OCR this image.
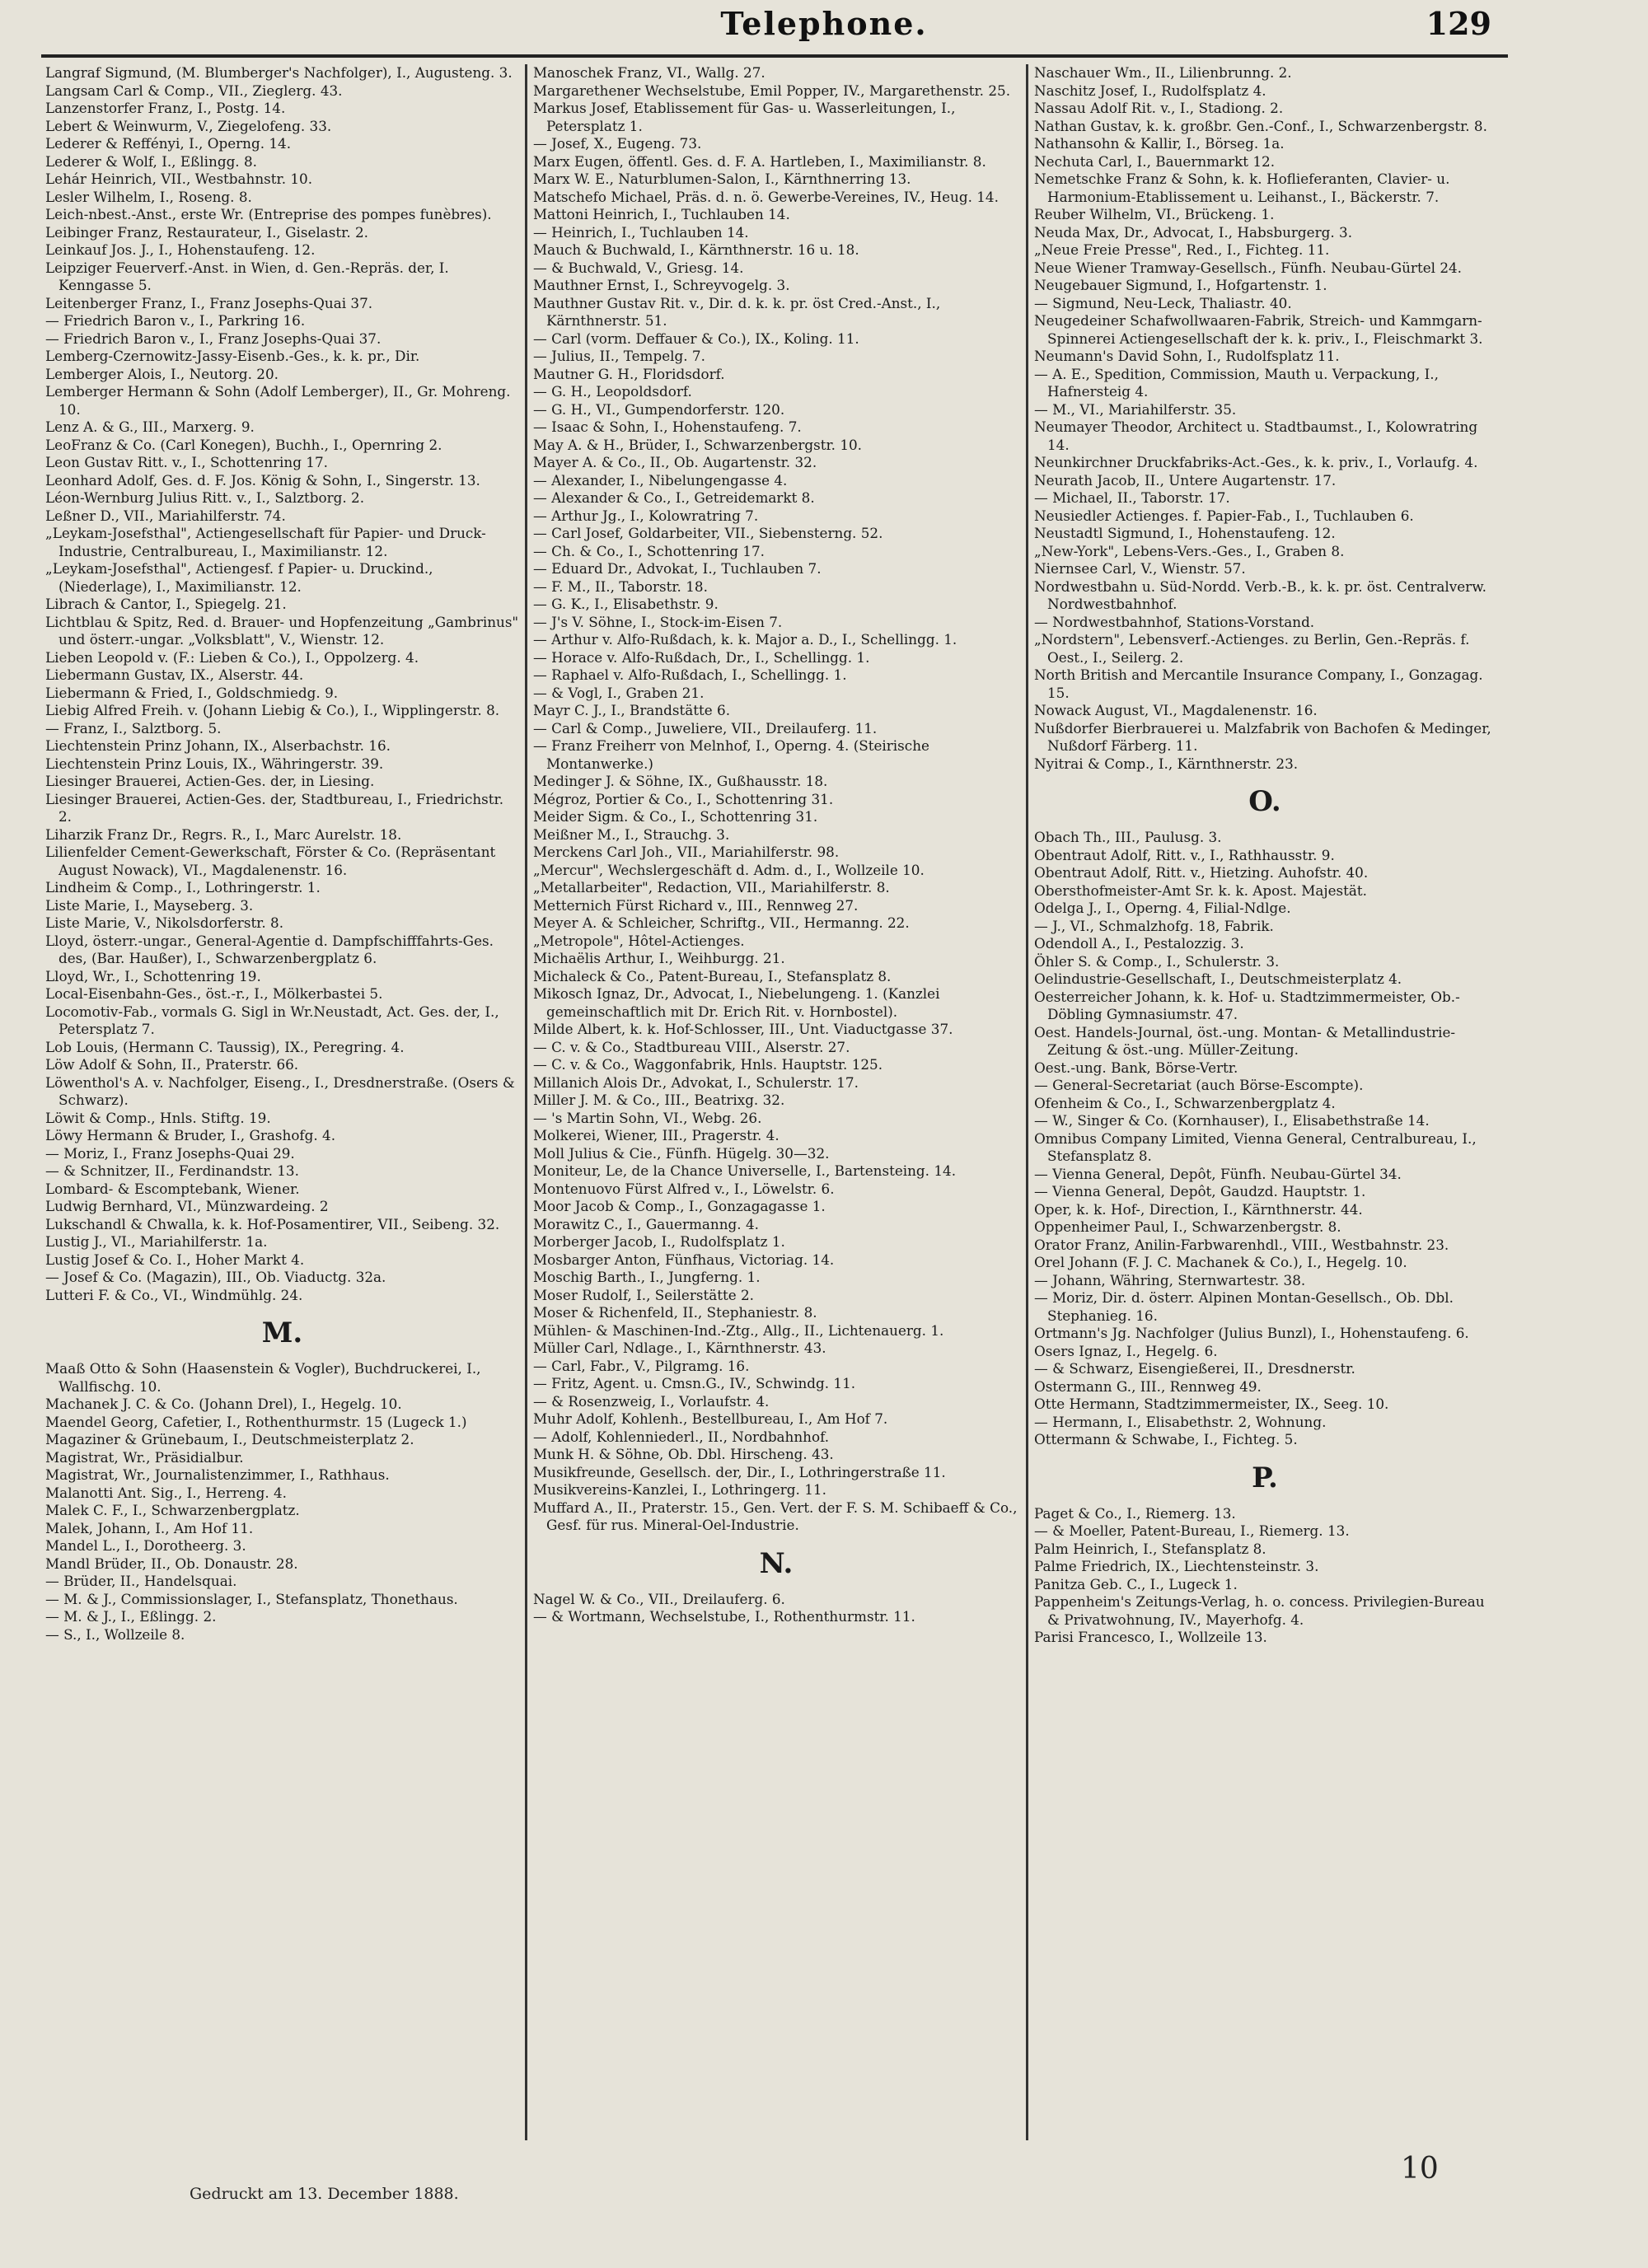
Telephone.	129

Langraf Sigmund, (M. Blumberger's Nachfolger), I., Augusteng. 3.

Langsam Carl & Comp., VII., Zieglerg. 43.

Lanzenstorfer Franz, I., Postg. 14.

Lebert & Weinwurm, V., Ziegelofeng. 33.

Lederer & Reffényi, I., Operng. 14.

Lederer & Wolf, I., Eßlingg. 8.

Lehár Heinrich, VII., Westbahnstr. 10.

Lesler Wilhelm, I., Roseng. 8.

Leich-nbest.-Anst., erste Wr. (Entreprise des pompes funèbres).

Leibinger Franz, Restaurateur, I., Giselastr. 2.

Leinkauf Jos. J., I., Hohenstaufeng. 12.

Leipziger Feuerverf.-Anst. in Wien, d. Gen.-Repräs. der, I. Kenngasse 5.

Leitenberger Franz, I., Franz Josephs-Quai 37.

— Friedrich Baron v., I., Parkring 16.

— Friedrich Baron v., I., Franz Josephs-Quai 37.

Lemberg-Czernowitz-Jassy-Eisenb.-Ges., k. k. pr., Dir.

Lemberger Alois, I., Neutorg. 20.

Lemberger Hermann & Sohn (Adolf Lemberger), II., Gr. Mohreng. 10.

Lenz A. & G., III., Marxerg. 9.

LeoFranz & Co. (Carl Konegen), Buchh., I., Opernring 2.

Leon Gustav Ritt. v., I., Schottenring 17.

Leonhard Adolf, Ges. d. F. Jos. König & Sohn, I., Singerstr. 13.

Léon-Wernburg Julius Ritt. v., I., Salztborg. 2.

Leßner D., VII., Mariahilferstr. 74.

„Leykam-Josefsthal", Actiengesellschaft für Papier- und Druck-Industrie, Centralbureau, I., Maximilianstr. 12.

„Leykam-Josefsthal", Actiengesf. f Papier- u. Druckind., (Niederlage), I., Maximilianstr. 12.

Librach & Cantor, I., Spiegelg. 21.

Lichtblau & Spitz, Red. d. Brauer- und Hopfenzeitung „Gambrinus" und österr.-ungar. „Volksblatt", V., Wienstr. 12.

Lieben Leopold v. (F.: Lieben & Co.), I., Oppolzerg. 4.

Liebermann Gustav, IX., Alserstr. 44.

Liebermann & Fried, I., Goldschmiedg. 9.

Liebig Alfred Freih. v. (Johann Liebig & Co.), I., Wipplingerstr. 8.

— Franz, I., Salztborg. 5.

Liechtenstein Prinz Johann, IX., Alserbachstr. 16.

Liechtenstein Prinz Louis, IX., Währingerstr. 39.

Liesinger Brauerei, Actien-Ges. der, in Liesing.

Liesinger Brauerei, Actien-Ges. der, Stadtbureau, I., Friedrichstr. 2.

Liharzik Franz Dr., Regrs. R., I., Marc Aurelstr. 18.

Lilienfelder Cement-Gewerkschaft, Förster & Co. (Repräsentant August Nowack), VI., Magdalenenstr. 16.

Lindheim & Comp., I., Lothringerstr. 1.

Liste Marie, I., Mayseberg. 3.

Liste Marie, V., Nikolsdorferstr. 8.

Lloyd, österr.-ungar., General-Agentie d. Dampfschifffahrts-Ges. des, (Bar. Haußer), I., Schwarzenbergplatz 6.

Lloyd, Wr., I., Schottenring 19.

Local-Eisenbahn-Ges., öst.-r., I., Mölkerbastei 5.

Locomotiv-Fab., vormals G. Sigl in Wr.Neustadt, Act. Ges. der, I., Petersplatz 7.

Lob Louis, (Hermann C. Taussig), IX., Peregring. 4.

Löw Adolf & Sohn, II., Praterstr. 66.

Löwenthol's A. v. Nachfolger, Eiseng., I., Dresdnerstraße. (Osers & Schwarz).

Löwit & Comp., Hnls. Stiftg. 19.

Löwy Hermann & Bruder, I., Grashofg. 4.

— Moriz, I., Franz Josephs-Quai 29.

— & Schnitzer, II., Ferdinandstr. 13.

Lombard- & Escomptebank, Wiener.

Ludwig Bernhard, VI., Münzwardeing. 2

Lukschandl & Chwalla, k. k. Hof-Posamentirer, VII., Seibeng. 32.

Lustig J., VI., Mariahilferstr. 1a.

Lustig Josef & Co. I., Hoher Markt 4.

— Josef & Co. (Magazin), III., Ob. Viaductg. 32a.

Lutteri F. & Co., VI., Windmühlg. 24.

M.

Maaß Otto & Sohn (Haasenstein & Vogler), Buchdruckerei, I., Wallfischg. 10.

Machanek J. C. & Co. (Johann Drel), I., Hegelg. 10.

Maendel Georg, Cafetier, I., Rothenthurmstr. 15 (Lugeck 1.)

Magaziner & Grünebaum, I., Deutschmeisterplatz 2.

Magistrat, Wr., Präsidialbur.

Magistrat, Wr., Journalistenzimmer, I., Rathhaus.

Malanotti Ant. Sig., I., Herreng. 4.

Malek C. F., I., Schwarzenbergplatz.

Malek, Johann, I., Am Hof 11.

Mandel L., I., Dorotheerg. 3.

Mandl Brüder, II., Ob. Donaustr. 28.

— Brüder, II., Handelsquai.

— M. & J., Commissionslager, I., Stefansplatz, Thonethaus.

— M. & J., I., Eßlingg. 2.

— S., I., Wollzeile 8.

Manoschek Franz, VI., Wallg. 27.

Margarethener Wechselstube, Emil Popper, IV., Margarethenstr. 25.

Markus Josef, Etablissement für Gas- u. Wasserleitungen, I., Petersplatz 1.

— Josef, X., Eugeng. 73.

Marx Eugen, öffentl. Ges. d. F. A. Hartleben, I., Maximilianstr. 8.

Marx W. E., Naturblumen-Salon, I., Kärnthnerring 13.

Matschefo Michael, Präs. d. n. ö. Gewerbe-Vereines, IV., Heug. 14.

Mattoni Heinrich, I., Tuchlauben 14.

— Heinrich, I., Tuchlauben 14.

Mauch & Buchwald, I., Kärnthnerstr. 16 u. 18.

— & Buchwald, V., Griesg. 14.

Mauthner Ernst, I., Schreyvogelg. 3.

Mauthner Gustav Rit. v., Dir. d. k. k. pr. öst Cred.-Anst., I., Kärnthnerstr. 51.

— Carl (vorm. Deffauer & Co.), IX., Koling. 11.

— Julius, II., Tempelg. 7.

Mautner G. H., Floridsdorf.

— G. H., Leopoldsdorf.

— G. H., VI., Gumpendorferstr. 120.

— Isaac & Sohn, I., Hohenstaufeng. 7.

May A. & H., Brüder, I., Schwarzenbergstr. 10.

Mayer A. & Co., II., Ob. Augartenstr. 32.

— Alexander, I., Nibelungengasse 4.

— Alexander & Co., I., Getreidemarkt 8.

— Arthur Jg., I., Kolowratring 7.

— Carl Josef, Goldarbeiter, VII., Siebensterng. 52.

— Ch. & Co., I., Schottenring 17.

— Eduard Dr., Advokat, I., Tuchlauben 7.

— F. M., II., Taborstr. 18.

— G. K., I., Elisabethstr. 9.

— J's V. Söhne, I., Stock-im-Eisen 7.

— Arthur v. Alfo-Rußdach, k. k. Major a. D., I., Schellingg. 1.

— Horace v. Alfo-Rußdach, Dr., I., Schellingg. 1.

— Raphael v. Alfo-Rußdach, I., Schellingg. 1.

— & Vogl, I., Graben 21.

Mayr C. J., I., Brandstätte 6.

— Carl & Comp., Juweliere, VII., Dreilauferg. 11.

— Franz Freiherr von Melnhof, I., Operng. 4. (Steirische Montanwerke.)

Medinger J. & Söhne, IX., Gußhausstr. 18.

Mégroz, Portier & Co., I., Schottenring 31.

Meider Sigm. & Co., I., Schottenring 31.

Meißner M., I., Strauchg. 3.

Merckens Carl Joh., VII., Mariahilferstr. 98.

„Mercur", Wechslergeschäft d. Adm. d., I., Wollzeile 10.

„Metallarbeiter", Redaction, VII., Mariahilferstr. 8.

Metternich Fürst Richard v., III., Rennweg 27.

Meyer A. & Schleicher, Schriftg., VII., Hermanng. 22.

„Metropole", Hôtel-Actienges.

Michaëlis Arthur, I., Weihburgg. 21.

Michaleck & Co., Patent-Bureau, I., Stefansplatz 8.

Mikosch Ignaz, Dr., Advocat, I., Niebelungeng. 1. (Kanzlei gemeinschaftlich mit Dr. Erich Rit. v. Hornbostel).

Milde Albert, k. k. Hof-Schlosser, III., Unt. Viaductgasse 37.

— C. v. & Co., Stadtbureau VIII., Alserstr. 27.

— C. v. & Co., Waggonfabrik, Hnls. Hauptstr. 125.

Millanich Alois Dr., Advokat, I., Schulerstr. 17.

Miller J. M. & Co., III., Beatrixg. 32.

— 's Martin Sohn, VI., Webg. 26.

Molkerei, Wiener, III., Pragerstr. 4.

Moll Julius & Cie., Fünfh. Hügelg. 30—32.

Moniteur, Le, de la Chance Universelle, I., Bartensteing. 14.

Montenuovo Fürst Alfred v., I., Löwelstr. 6.

Moor Jacob & Comp., I., Gonzagagasse 1.

Morawitz C., I., Gauermanng. 4.

Morberger Jacob, I., Rudolfsplatz 1.

Mosbarger Anton, Fünfhaus, Victoriag. 14.

Moschig Barth., I., Jungferng. 1.

Moser Rudolf, I., Seilerstätte 2.

Moser & Richenfeld, II., Stephaniestr. 8.

Mühlen- & Maschinen-Ind.-Ztg., Allg., II., Lichtenauerg. 1.

Müller Carl, Ndlage., I., Kärnthnerstr. 43.

— Carl, Fabr., V., Pilgramg. 16.

— Fritz, Agent. u. Cmsn.G., IV., Schwindg. 11.

— & Rosenzweig, I., Vorlaufstr. 4.

Muhr Adolf, Kohlenh., Bestellbureau, I., Am Hof 7.

— Adolf, Kohlenniederl., II., Nordbahnhof.

Munk H. & Söhne, Ob. Dbl. Hirscheng. 43.

Musikfreunde, Gesellsch. der, Dir., I., Lothringerstraße 11.

Musikvereins-Kanzlei, I., Lothringerg. 11.

Muffard A., II., Praterstr. 15., Gen. Vert. der F. S. M. Schibaeff & Co., Gesf. für rus. Mineral-Oel-Industrie.

N.

Nagel W. & Co., VII., Dreilauferg. 6.

— & Wortmann, Wechselstube, I., Rothenthurmstr. 11.

Naschauer Wm., II., Lilienbrunng. 2.

Naschitz Josef, I., Rudolfsplatz 4.

Nassau Adolf Rit. v., I., Stadiong. 2.

Nathan Gustav, k. k. großbr. Gen.-Conf., I., Schwarzenbergstr. 8.

Nathansohn & Kallir, I., Börseg. 1a.

Nechuta Carl, I., Bauernmarkt 12.

Nemetschke Franz & Sohn, k. k. Hoflieferanten, Clavier- u. Harmonium-Etablissement u. Leihanst., I., Bäckerstr. 7.

Reuber Wilhelm, VI., Brückeng. 1.

Neuda Max, Dr., Advocat, I., Habsburgerg. 3.

„Neue Freie Presse", Red., I., Fichteg. 11.

Neue Wiener Tramway-Gesellsch., Fünfh. Neubau-Gürtel 24.

Neugebauer Sigmund, I., Hofgartenstr. 1.

— Sigmund, Neu-Leck, Thaliastr. 40.

Neugedeiner Schafwollwaaren-Fabrik, Streich- und Kammgarn-Spinnerei Actiengesellschaft der k. k. priv., I., Fleischmarkt 3.

Neumann's David Sohn, I., Rudolfsplatz 11.

— A. E., Spedition, Commission, Mauth u. Verpackung, I., Hafnersteig 4.

— M., VI., Mariahilferstr. 35.

Neumayer Theodor, Architect u. Stadtbaumst., I., Kolowratring 14.

Neunkirchner Druckfabriks-Act.-Ges., k. k. priv., I., Vorlaufg. 4.

Neurath Jacob, II., Untere Augartenstr. 17.

— Michael, II., Taborstr. 17.

Neusiedler Actienges. f. Papier-Fab., I., Tuchlauben 6.

Neustadtl Sigmund, I., Hohenstaufeng. 12.

„New-York", Lebens-Vers.-Ges., I., Graben 8.

Niernsee Carl, V., Wienstr. 57.

Nordwestbahn u. Süd-Nordd. Verb.-B., k. k. pr. öst. Centralverw. Nordwestbahnhof.

— Nordwestbahnhof, Stations-Vorstand.

„Nordstern", Lebensverf.-Actienges. zu Berlin, Gen.-Repräs. f. Oest., I., Seilerg. 2.

North British and Mercantile Insurance Company, I., Gonzagag. 15.

Nowack August, VI., Magdalenenstr. 16.

Nußdorfer Bierbrauerei u. Malzfabrik von Bachofen & Medinger, Nußdorf Färberg. 11.

Nyitrai & Comp., I., Kärnthnerstr. 23.

O.

Obach Th., III., Paulusg. 3.

Obentraut Adolf, Ritt. v., I., Rathhausstr. 9.

Obentraut Adolf, Ritt. v., Hietzing. Auhofstr. 40.

Obersthofmeister-Amt Sr. k. k. Apost. Majestät.

Odelga J., I., Operng. 4, Filial-Ndlge.

— J., VI., Schmalzhofg. 18, Fabrik.

Odendoll A., I., Pestalozzig. 3.

Öhler S. & Comp., I., Schulerstr. 3.

Oelindustrie-Gesellschaft, I., Deutschmeisterplatz 4.

Oesterreicher Johann, k. k. Hof- u. Stadtzimmermeister, Ob.-Döbling Gymnasiumstr. 47.

Oest. Handels-Journal, öst.-ung. Montan- & Metallindustrie-Zeitung & öst.-ung. Müller-Zeitung.

Oest.-ung. Bank, Börse-Vertr.

— General-Secretariat (auch Börse-Escompte).

Ofenheim & Co., I., Schwarzenbergplatz 4.

— W., Singer & Co. (Kornhauser), I., Elisabethstraße 14.

Omnibus Company Limited, Vienna General, Centralbureau, I., Stefansplatz 8.

— Vienna General, Depôt, Fünfh. Neubau-Gürtel 34.

— Vienna General, Depôt, Gaudzd. Hauptstr. 1.

Oper, k. k. Hof-, Direction, I., Kärnthnerstr. 44.

Oppenheimer Paul, I., Schwarzenbergstr. 8.

Orator Franz, Anilin-Farbwarenhdl., VIII., Westbahnstr. 23.

Orel Johann (F. J. C. Machanek & Co.), I., Hegelg. 10.

— Johann, Währing, Sternwartestr. 38.

— Moriz, Dir. d. österr. Alpinen Montan-Gesellsch., Ob. Dbl. Stephanieg. 16.

Ortmann's Jg. Nachfolger (Julius Bunzl), I., Hohenstaufeng. 6.

Osers Ignaz, I., Hegelg. 6.

— & Schwarz, Eisengießerei, II., Dresdnerstr.

Ostermann G., III., Rennweg 49.

Otte Hermann, Stadtzimmermeister, IX., Seeg. 10.

— Hermann, I., Elisabethstr. 2, Wohnung.

Ottermann & Schwabe, I., Fichteg. 5.

P.

Paget & Co., I., Riemerg. 13.

— & Moeller, Patent-Bureau, I., Riemerg. 13.

Palm Heinrich, I., Stefansplatz 8.

Palme Friedrich, IX., Liechtensteinstr. 3.

Panitza Geb. C., I., Lugeck 1.

Pappenheim's Zeitungs-Verlag, h. o. concess. Privilegien-Bureau & Privatwohnung, IV., Mayerhofg. 4.

Parisi Francesco, I., Wollzeile 13.

Gedruckt am 13. December 1888.
10
